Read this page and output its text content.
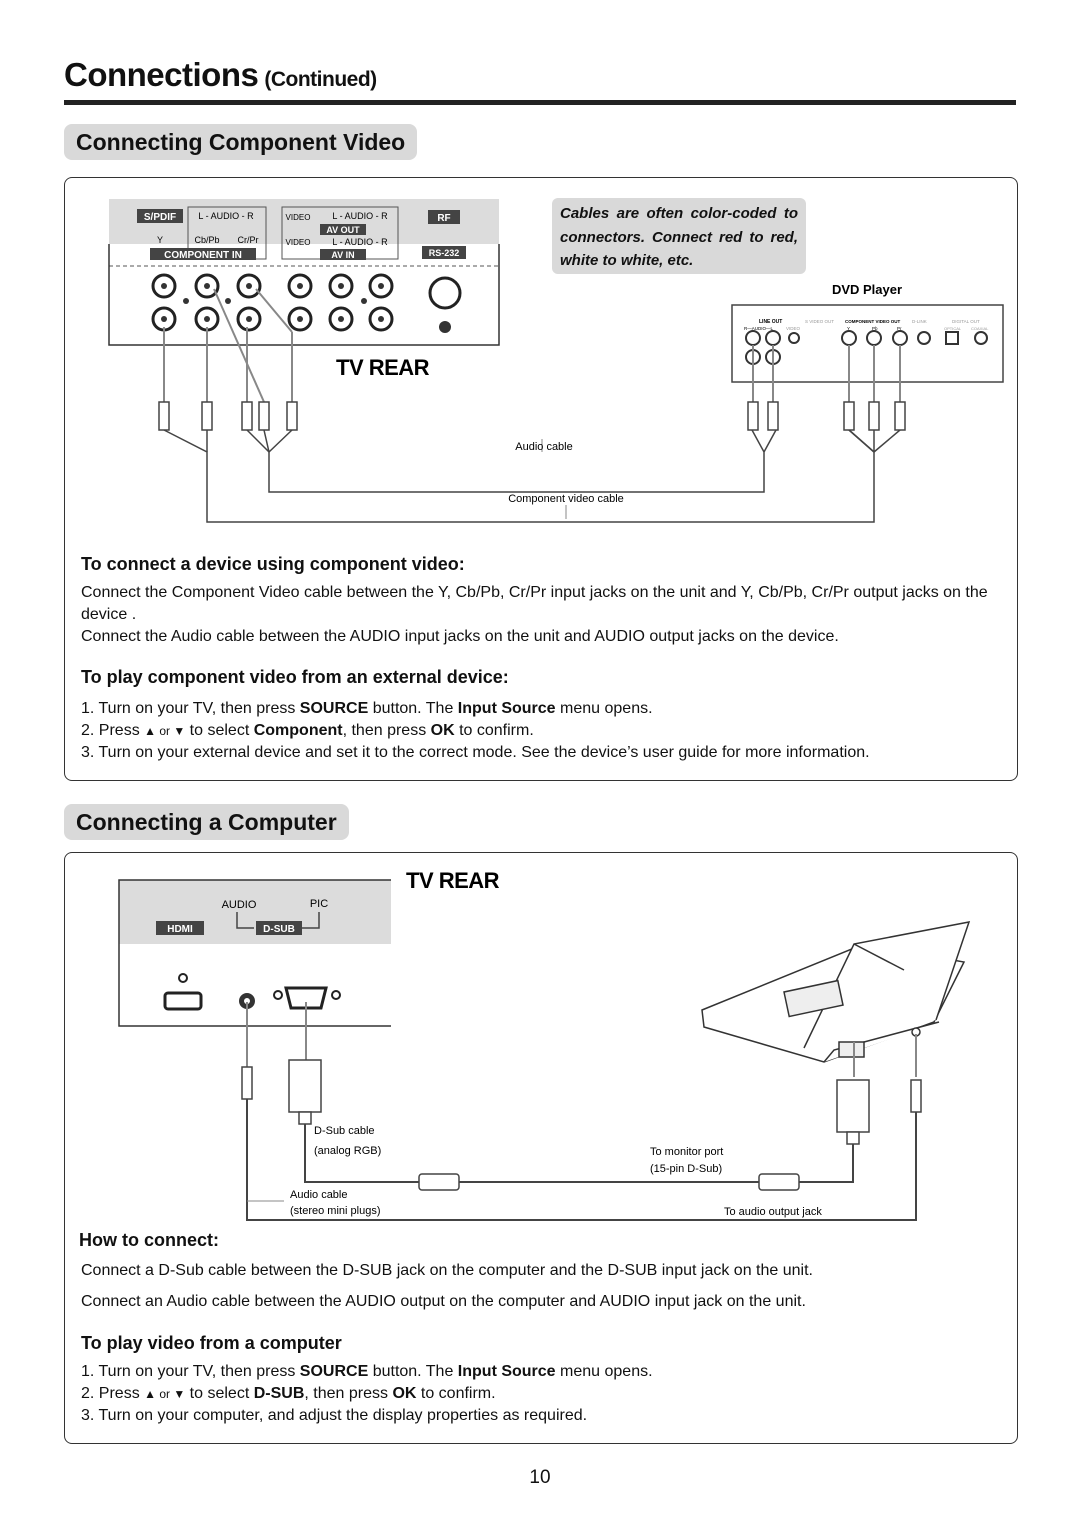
Connections (Continued)
Connecting Component Video
S/PDIF L - AUDIO - R
Y	Cb/Pb Cr/Pr
COMPONENT IN
VIDEO L - AUDIO - R
AV OUT
VIDEO L - AUDIO - R
AV IN
RF
RS-232
TV REAR
DVD Player
LINE OUT
R—AUDIO—L	VIDEO
S VIDEO OUT COMPONENT VIDEO OUT
Y	Pb	Pr
D-LINK	DIGITAL OUT
OPTICAL COAXIAL
Audio cable
Component video cable
Cables are often color-coded to connectors. Connect red to red, white to white, etc.
To connect a device using component video:
Connect the Component Video cable between the Y, Cb/Pb, Cr/Pr input jacks on the unit and Y, Cb/Pb, Cr/Pr output jacks on the device .
Connect the Audio cable between the AUDIO input jacks on the unit and AUDIO output jacks on the device.
To play component video from an external device:
1. Turn on your TV, then press SOURCE button. The Input Source menu opens.
2. Press ▲ or ▼ to select Component, then press OK to confirm.
3. Turn on your external device and set it to the correct mode. See the device’s user guide for more information.
Connecting a Computer
TV REAR
AUDIO	PIC
HDMI	D-SUB
D-Sub cable
(analog RGB)	To monitor port
(15-pin D-Sub)
Audio cable
(stereo mini plugs)	To audio output jack
How to connect:
Connect a D-Sub cable between the D-SUB jack on the computer and the D-SUB input jack on the unit.
Connect an Audio cable between the AUDIO output on the computer and AUDIO input jack on the unit.
To play video from a computer
1. Turn on your TV, then press SOURCE button. The Input Source menu opens.
2. Press ▲ or ▼ to select D-SUB, then press OK to confirm.
3. Turn on your computer, and adjust the display properties as required.
10
